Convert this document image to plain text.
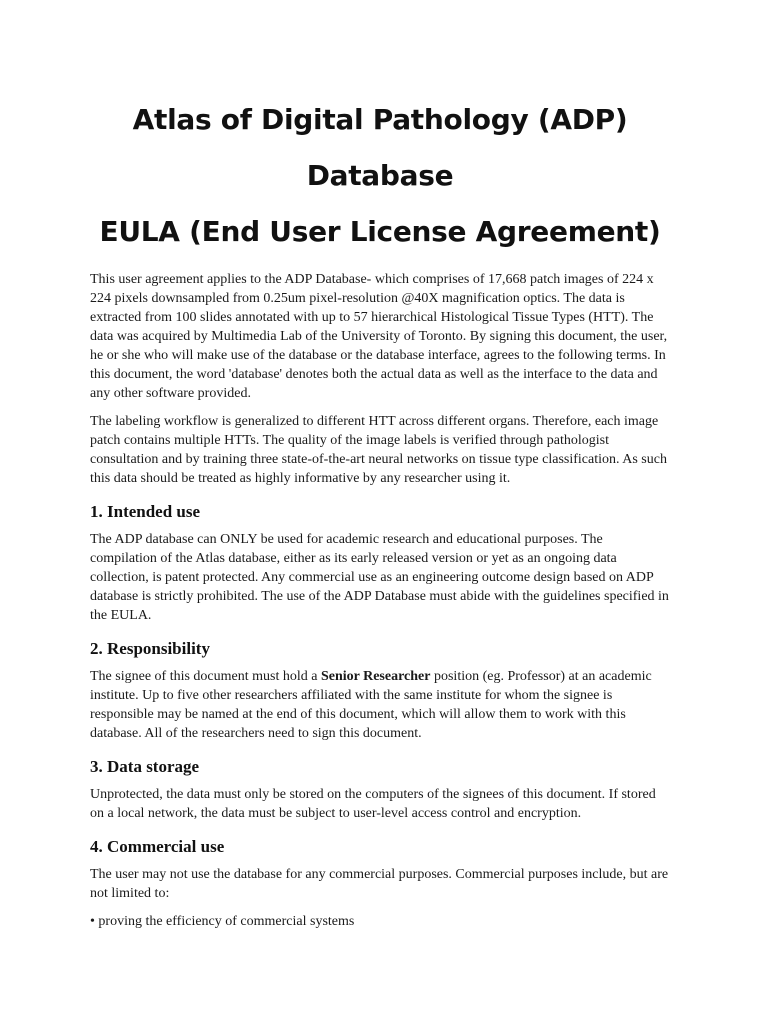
Atlas of Digital Pathology (ADP) Database
EULA (End User License Agreement)

This user agreement applies to the ADP Database- which comprises of 17,668 patch images of 224 x 224 pixels downsampled from 0.25um pixel-resolution @40X magnification optics. The data is extracted from 100 slides annotated with up to 57 hierarchical Histological Tissue Types (HTT). The data was acquired by Multimedia Lab of the University of Toronto. By signing this document, the user, he or she who will make use of the database or the database interface, agrees to the following terms. In this document, the word 'database' denotes both the actual data as well as the interface to the data and any other software provided.

The labeling workflow is generalized to different HTT across different organs. Therefore, each image patch contains multiple HTTs. The quality of the image labels is verified through pathologist consultation and by training three state-of-the-art neural networks on tissue type classification. As such this data should be treated as highly informative by any researcher using it.

1. Intended use

The ADP database can ONLY be used for academic research and educational purposes. The compilation of the Atlas database, either as its early released version or yet as an ongoing data collection, is patent protected. Any commercial use as an engineering outcome design based on ADP database is strictly prohibited. The use of the ADP Database must abide with the guidelines specified in the EULA.

2. Responsibility

The signee of this document must hold a Senior Researcher position (eg. Professor) at an academic institute. Up to five other researchers affiliated with the same institute for whom the signee is responsible may be named at the end of this document, which will allow them to work with this database. All of the researchers need to sign this document.

3. Data storage

Unprotected, the data must only be stored on the computers of the signees of this document. If stored on a local network, the data must be subject to user-level access control and encryption.

4. Commercial use

The user may not use the database for any commercial purposes. Commercial purposes include, but are not limited to:

• proving the efficiency of commercial systems
